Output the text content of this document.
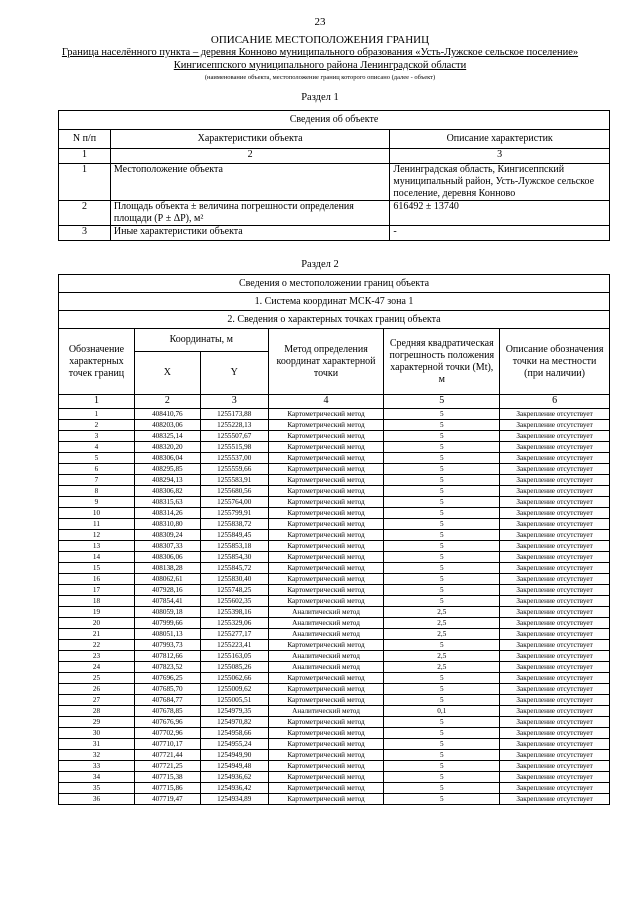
23
ОПИСАНИЕ МЕСТОПОЛОЖЕНИЯ ГРАНИЦ
Граница населённого пункта – деревня Конново муниципального образования «Усть-Лужское сельское поселение»
Кингисеппского муниципального района Ленинградской области
(наименование объекта, местоположение границ которого описано (далее - объект)
Раздел 1
Сведения об объекте		
N п/п	Характеристики объекта	Описание характеристик
1	2	3
1	Местоположение объекта	Ленинградская область, Кингисеппский муниципальный район, Усть-Лужское сельское поселение, деревня Конново
2	Площадь объекта ± величина погрешности определения площади (Р ± ΔР), м²	616492 ± 13740
3	Иные характеристики объекта	-
Раздел 2
Сведения о местоположении границ объекта					
1. Система координат МСК-47 зона 1					
2. Сведения о характерных точках границ объекта					
Обозначение характерных точек границ	Координаты, м		Метод определения координат характерной точки	Средняя квадратическая погрешность положения характерной точки (Mt), м	Описание обозначения точки на местности (при наличии)
	X	Y			
1	2	3	4	5	6
1	408410,76	1255173,88	Картометрический метод	5	Закрепление отсутствует
2	408203,06	1255228,13	Картометрический метод	5	Закрепление отсутствует
3	408325,14	1255507,67	Картометрический метод	5	Закрепление отсутствует
4	408320,20	1255515,98	Картометрический метод	5	Закрепление отсутствует
5	408306,04	1255537,00	Картометрический метод	5	Закрепление отсутствует
6	408295,85	1255559,66	Картометрический метод	5	Закрепление отсутствует
7	408294,13	1255583,91	Картометрический метод	5	Закрепление отсутствует
8	408306,82	1255680,56	Картометрический метод	5	Закрепление отсутствует
9	408315,63	1255764,00	Картометрический метод	5	Закрепление отсутствует
10	408314,26	1255799,91	Картометрический метод	5	Закрепление отсутствует
11	408310,80	1255838,72	Картометрический метод	5	Закрепление отсутствует
12	408309,24	1255849,45	Картометрический метод	5	Закрепление отсутствует
13	408307,33	1255853,18	Картометрический метод	5	Закрепление отсутствует
14	408306,06	1255854,30	Картометрический метод	5	Закрепление отсутствует
15	408138,28	1255845,72	Картометрический метод	5	Закрепление отсутствует
16	408062,61	1255830,40	Картометрический метод	5	Закрепление отсутствует
17	407928,16	1255748,25	Картометрический метод	5	Закрепление отсутствует
18	407854,41	1255602,35	Картометрический метод	5	Закрепление отсутствует
19	408059,18	1255398,16	Аналитический метод	2,5	Закрепление отсутствует
20	407999,66	1255329,06	Аналитический метод	2,5	Закрепление отсутствует
21	408051,13	1255277,17	Аналитический метод	2,5	Закрепление отсутствует
22	407993,73	1255223,41	Картометрический метод	5	Закрепление отсутствует
23	407812,66	1255163,05	Аналитический метод	2,5	Закрепление отсутствует
24	407823,52	1255085,26	Аналитический метод	2,5	Закрепление отсутствует
25	407696,25	1255062,66	Картометрический метод	5	Закрепление отсутствует
26	407685,70	1255009,62	Картометрический метод	5	Закрепление отсутствует
27	407684,77	1255005,51	Картометрический метод	5	Закрепление отсутствует
28	407678,85	1254979,35	Аналитический метод	0,1	Закрепление отсутствует
29	407676,96	1254970,82	Картометрический метод	5	Закрепление отсутствует
30	407702,96	1254958,66	Картометрический метод	5	Закрепление отсутствует
31	407710,17	1254955,24	Картометрический метод	5	Закрепление отсутствует
32	407721,44	1254949,90	Картометрический метод	5	Закрепление отсутствует
33	407721,25	1254949,48	Картометрический метод	5	Закрепление отсутствует
34	407715,38	1254936,62	Картометрический метод	5	Закрепление отсутствует
35	407715,86	1254936,42	Картометрический метод	5	Закрепление отсутствует
36	407719,47	1254934,89	Картометрический метод	5	Закрепление отсутствует
